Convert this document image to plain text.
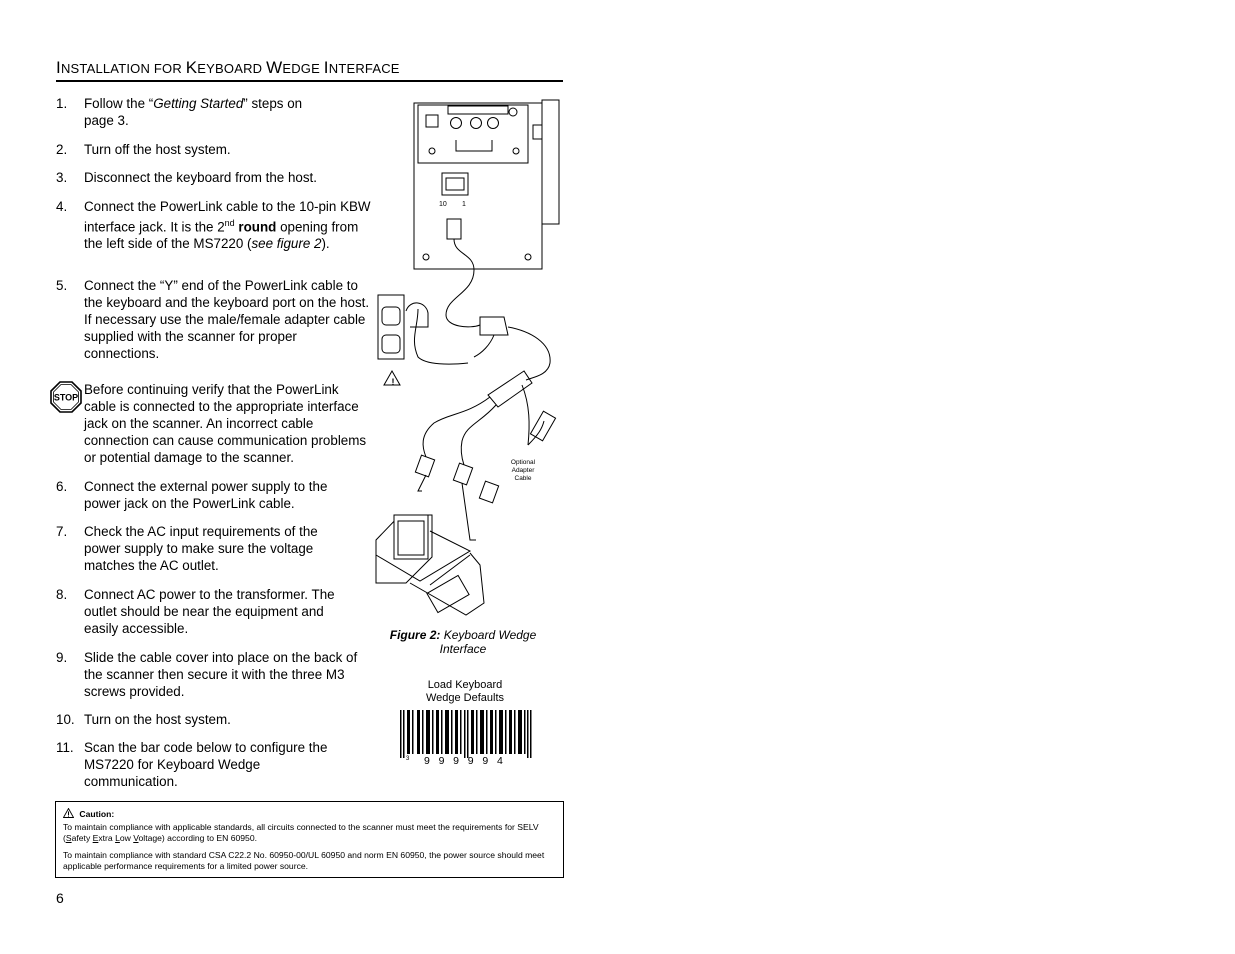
INSTALLATION FOR KEYBOARD WEDGE INTERFACE
1. Follow the “Getting Started” steps on page 3.
2. Turn off the host system.
3. Disconnect the keyboard from the host.
4. Connect the PowerLink cable to the 10-pin KBW interface jack. It is the 2nd round opening from the left side of the MS7220 (see figure 2).
5. Connect the “Y” end of the PowerLink cable to the keyboard and the keyboard port on the host. If necessary use the male/female adapter cable supplied with the scanner for proper connections.
STOP
Before continuing verify that the PowerLink cable is connected to the appropriate interface jack on the scanner. An incorrect cable connection can cause communication problems or potential damage to the scanner.
6. Connect the external power supply to the power jack on the PowerLink cable.
7. Check the AC input requirements of the power supply to make sure the voltage matches the AC outlet.
8. Connect AC power to the transformer. The outlet should be near the equipment and easily accessible.
9. Slide the cable cover into place on the back of the scanner then secure it with the three M3 screws provided.
10. Turn on the host system.
11. Scan the bar code below to configure the MS7220 for Keyboard Wedge communication.
10 1
!
Optional
Adapter
Cable
Figure 2: Keyboard Wedge Interface
Load Keyboard
Wedge Defaults
3 9   9   9   9   9   4
Caution:
To maintain compliance with applicable standards, all circuits connected to the scanner must meet the requirements for SELV (Safety Extra Low Voltage) according to EN 60950.
To maintain compliance with standard CSA C22.2 No. 60950-00/UL 60950 and norm EN 60950, the power source should meet applicable performance requirements for a limited power source.
6
